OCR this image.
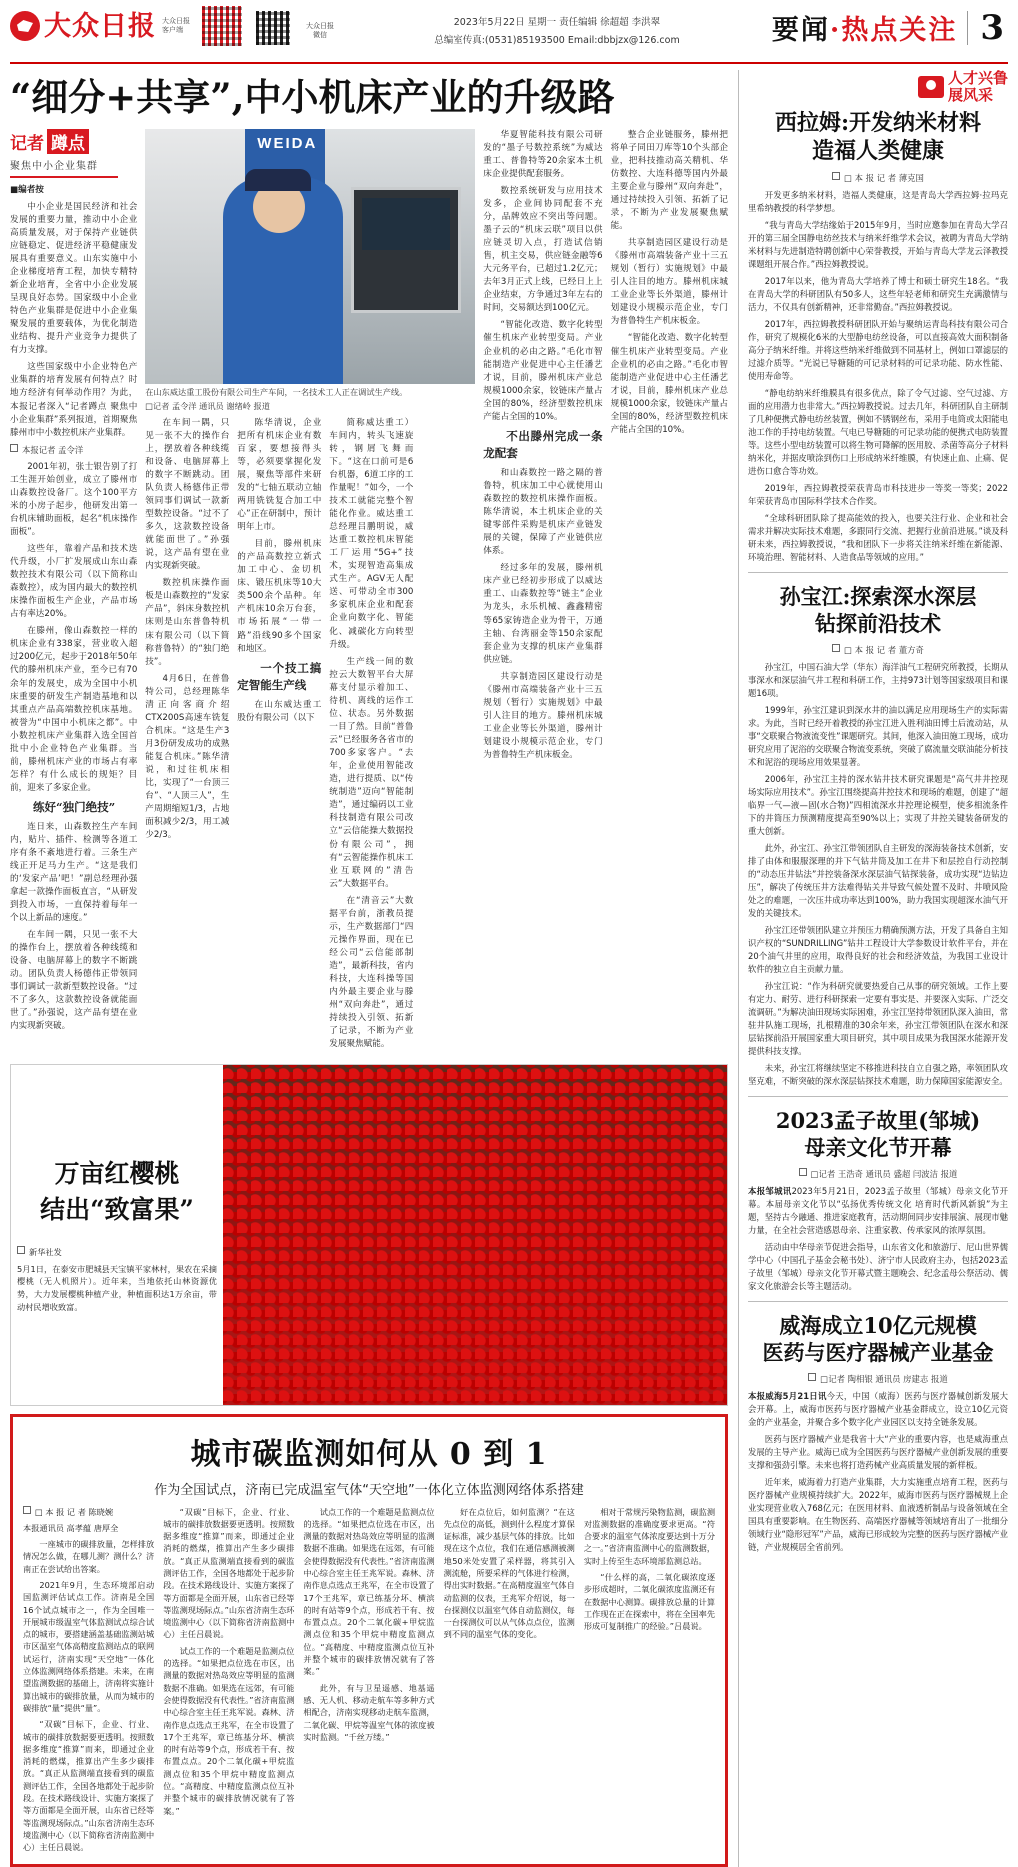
大众日报 大众日报
客户端
大众日报
微信
2023年5月22日 星期一 责任编辑 徐超超 李洪翠
总编室传真:(0531)85193500 Email:dbbjzx@126.com	要闻·热点关注 3
“细分+共享”,中小机床产业的升级路
记者 蹲点
聚焦中小企业集群

■编者按

中小企业是国民经济和社会发展的重要力量，推动中小企业高质量发展，对于保持产业链供应链稳定、促进经济平稳健康发展具有重要意义。山东实施中小企业梯度培育工程，加快专精特新企业培育，全省中小企业发展呈现良好态势。国家级中小企业特色产业集群是促进中小企业集聚发展的重要载体，为优化制造业结构、提升产业竞争力提供了有力支撑。

这些国家级中小企业特色产业集群的培育发展有何特点？时地方经济有何举动作用？为此，本报记者深入“记者蹲点 聚焦中小企业集群”系列报道，首期聚焦滕州市中小数控机床产业集群。

本报记者 孟令洋

2001年初，张士银告别了打工生涯开始创业，成立了滕州市山森数控设备厂。这个100平方米的小房子起步，他研发出第一台机床辅助面板，起名“机床操作面板”。

这些年，靠着产品和技术迭代升级，小厂扩发展成山东山森数控技术有限公司（以下简称山森数控），成为国内最大的数控机床操作面板生产企业，产品市场占有率达20%。

在滕州，像山森数控一样的机床企业有338家，营业收入超过200亿元，起步于2018年50年代的滕州机床产业，至今已有70余年的发展史，成为全国中小机床重要的研发生产制造基地和以其重点产品高端数控机床基地。被誉为“中国中小机床之都”。中小数控机床产业集群入选全国首批中小企业特色产业集群。当前，滕州机床产业的市场占有率怎样？有什么成长的规矩？目前，迎来了多家企业。

练好“独门绝技”

连日来，山森数控生产车间内，贴片、插件、检测等各道工序有条不紊地进行着。三条生产线正开足马力生产。“这是我们的‘发家产品’吧！”副总经理孙强拿起一款操作面板直言，“从研发到投入市场，一直保持着每年一个以上新品的速度。”

在车间一隅，只见一张不大的操作台上，摆放着各种线缆和设备、电脑屏幕上的数字不断跳动。团队负责人杨德伟正带领同事们调试一款新型数控设备。“过不了多久，这款数控设备就能面世了。”孙强说，这产品有望在业内实现新突破。

WEIDA
在山东威达重工股份有限公司生产车间，一名技术工人正在调试生产线。
□记者 孟令洋 通讯员 谢绪岭 报道

在车间一隅，只见一张不大的操作台上，摆放着各种线缆和设备、电脑屏幕上的数字不断跳动。团队负责人杨德伟正带领同事们调试一款新型数控设备。“过不了多久，这款数控设备就能面世了。”孙强说，这产品有望在业内实现新突破。

数控机床操作面板是山森数控的“发家产品”，斜床身数控机床则是山东普鲁特机床有限公司（以下简称普鲁特）的“独门绝技”。

4月6日，在普鲁特公司，总经理陈华清正向客商介绍CTX200S高速车铣复合机床。“这是生产3月3份研发成功的成熟能复合机床。”陈华清说，和过往机床相比，实现了“一台顶三台”、“人顶三人”，生产周期缩短1/3，占地面积减少2/3，用工减少2/3。

陈华清说，企业把所有机床企业有数百家，要想接得头等，必须要掌握化发展，聚焦等部件来研发的“七轴五联动立轴两用铣铣复合加工中心”正在研制中，预计明年上市。

目前，滕州机床的产品高数控立新式加工中心、金切机床、锻压机床等10大类500余个品种。年产机床10余万台套，市场拓展“一带一路”沿线90多个国家和地区。

一个技工搞定智能生产线

在山东威达重工股份有限公司（以下

简称威达重工）车间内，转头飞速旋转，钢屑飞舞而下。“这在口前可是6台机器，6道工序的工作量呢！”如今，一个技术工就能完整个智能化作业。威达重工总经理吕鹏明说，威达重工数控机床智能工厂运用“5G+”技术，实现智造高集成式生产。AGV无人配送、可带动全市300多家机床企业和配套企业向数字化、智能化、减碳化方向转型升级。

生产线一间的数控云大数智平台大屏幕支付显示着加工、待机、离线的运作工位、状态。另外数据一目了然。目前“普鲁云”已经服务各省市的700多家客户。“去年，企业使用智能改造，进行提质、以“传统制造”迈向“智能制造”，通过编码以工业科技制造有限公司改立“云信能操大数据投份有限公司”，拥有“云智能操作机床工业互联网的”清告云”大数据平台。

在“清音云”大数据平台前，浙教员提示，生产数据部门“四元操作界面，现在已经公司“云信能部制造”，最新科技，省内科技，大连科操等国内外最主要企业与滕州“双向奔赴”，通过持续投入引领、拓新了记录，不断为产业发展聚焦赋能。

华夏智能科技有限公司研发的“墨子号数控系统”为威达重工、普鲁特等20余家本土机床企业提供配套服务。

数控系统研发与应用技术发多，企业间协同配套不充分，品牌效应不突出等问题。墨子云的“机床云联”项目以供应链灵切入点，打造试信销售，机主交易，供应链金融等6大元务平台，已超过1.2亿元；去年3月正式上线，已经日上上企业结束，方争通过3年左右的时间，交易额达到100亿元。

“智能化改造、数字化转型催生机床产业转型变局。产业企业机的必由之路。”毛化市智能制造产业促进中心主任潘艺才说，目前，滕州机床产业总规模1000余家，铰链床产量占全国的80%，经济型数控机床产能占全国的10%。

不出滕州完成一条龙配套

和山森数控一路之隔的普鲁特，机床加工中心就使用山森数控的数控机床操作面板。陈华清说，本土机床企业的关键零部件采购是机床产业链发展的关键，保障了产业链供应体系。

经过多年的发展，滕州机床产业已经初步形成了以威达重工、山森数控等“链主”企业为龙头，永乐机械、鑫鑫精密等65家铸造企业为骨干，万通主轴、台湾丽金等150余家配套企业为支撑的机床产业集群供应链。

共享制造园区建设行动是《滕州市高端装备产业十三五规划（暂行）实施规划》中最引人注目的地方。滕州机床城工业企业等长外渠道，滕州计划建设小规模示范企业，专门为普鲁特生产机床板金。

整合企业链服务，滕州把将单子同田刀库等10个头部企业，把科技推动高关精机、华仿数控、大连科德等国内外最主要企业与滕州“双向奔赴”，通过持续投入引领、拓新了记录，不断为产业发展聚焦赋能。

共享制造园区建设行动是《滕州市高端装备产业十三五规划（暂行）实施规划》中最引人注目的地方。滕州机床城工业企业等长外渠道，滕州计划建设小规模示范企业，专门为普鲁特生产机床板金。

“智能化改造、数字化转型催生机床产业转型变局。产业企业机的必由之路。”毛化市智能制造产业促进中心主任潘艺才说，目前，滕州机床产业总规模1000余家，铰链床产量占全国的80%，经济型数控机床产能占全国的10%。

万亩红樱桃
结出“致富果”
新华社发
5月1日，在泰安市肥城县天宝镇平家林村，果农在采摘樱桃（无人机照片）。近年来，当地依托山林资源优势，大力发展樱桃种植产业，种植面积达1万余亩，带动村民增收致富。
城市碳监测如何从 0 到 1
作为全国试点，济南已完成温室气体“天空地”一体化立体监测网络体系搭建

□ 本 报 记 者 陈晓婉

本报通讯员 高孝蕴 唐厚全

一座城市的碳排放量，怎样排放情况怎么做，在哪儿测？测什么？济南正在尝试给出答案。

2021年9月，生态环境部启动国监测评估试点工作。济南是全国16个试点城市之一，作为全国唯一开展城市级温室气体监测试点综合试点的城市，要搭建涵盖基础监测站城市区温室气体高精度监测站点的联网试运行，济南实现“天空地”一体化立体监测网络体系搭建。未来，在南望监测数据的基础上，济南将实施计算出城市的碳排放量，从而为城市的碳排放“量”提供“量”。

“双碳”目标下，企业、行业、城市的碳排放数据要更透明。按照数据多维度“推算”而来，即通过企业消耗的燃煤，推算出产生多少碳排放。“真正从监测端直接看到的碳监测评估工作，全国各地都处于起步阶段。在技术路线设计、实施方案探了等方面都是全面开展，山东省已经等等监测现场际点。”山东省济南生态环境监测中心（以下简称省济南监测中心）主任吕晨说。

“双碳”目标下，企业、行业、城市的碳排放数据要更透明。按照数据多维度“推算”而来，即通过企业消耗的燃煤，推算出产生多少碳排放。“真正从监测端直接看到的碳监测评估工作，全国各地都处于起步阶段。在技术路线设计、实施方案探了等方面都是全面开展，山东省已经等等监测现场际点。”山东省济南生态环境监测中心（以下简称省济南监测中心）主任吕晨说。

试点工作的一个难题是监测点位的选择。“如果把点位选在市区，出测量的数据对热岛效应等明显的监测数据不准确。如果选在远郊，有可能会使得数据没有代表性。”省济南监测中心综合室主任王兆军说。森林、济南作息点选点王兆军，在全市设置了17个王兆军，章已练基分坏、横滨的时有站等9个点，形成若干有、按布置点点。20个二氧化碳+甲烷监测点位和35个甲烷中精度监测点位。“高精度、中精度监测点位互补并整个城市的碳排放情况就有了答案。”

试点工作的一个难题是监测点位的选择。“如果把点位选在市区，出测量的数据对热岛效应等明显的监测数据不准确。如果选在远郊，有可能会使得数据没有代表性。”省济南监测中心综合室主任王兆军说。森林、济南作息点选点王兆军，在全市设置了17个王兆军，章已练基分坏、横滨的时有站等9个点，形成若干有、按布置点点。20个二氧化碳+甲烷监测点位和35个甲烷中精度监测点位。“高精度、中精度监测点位互补并整个城市的碳排放情况就有了答案。”

此外，有与卫星遥感、地基遥感、无人机、移动走航车等多种方式相配合，济南实现移动走航车监测，二氧化碳、甲烷等温室气体的浓度被实时监测。“千丝万缕。”

好在点位后，如何监测？“在这先点位的高低，测到什么程度才算保证标准，减少基层气体的排放。比如现在这个点位，我们在通信感测被测地50米处安置了采样器，将其引入测流舱，所要采样的气体进行检测，得出实时数据。”在高精度温室气体自动监测的仪表，王兆军介绍说，每一台探测仪以温室气体自动监测仪，每一台探测仪可以从气体点点位，监测到不同的温室气体的变化。

相对于常规污染物监测，碳监测对监测数据的准确度要求更高。“符合要求的温室气体浓度要达到十万分之一。”省济南监测中心的监测数据，实时上传至生态环境部监测总站。

“什么样的高，二氧化碳浓度逐步形成超时，二氧化碳浓度监测还有在数据中心测算。碳排放总量的计算工作现在正在探索中，将在全国率先形成可复制推广的经验。”吕晨说。

人才兴鲁
展风采
西拉姆:开发纳米材料
造福人类健康
□ 本 报 记 者 薄克国

开发更多纳米材料，造福人类健康，这是青岛大学西拉姆·拉玛克里希纳教授的科学梦想。

“我与青岛大学结缘始于2015年9月，当时应邀参加在青岛大学召开的第三届全国静电纺丝技术与纳米纤维学术会议，被聘为青岛大学纳米材料与先进制造特聘创新中心荣誉教授，开始与青岛大学龙云泽教授课题组开展合作。”西拉姆教授说。

2017年以来，他为青岛大学培养了博士和硕士研究生18名。“我在青岛大学的科研团队有50多人，这些年轻老师和研究生充满激情与活力，不仅具有创新精神，还非常勤奋。”西拉姆教授说。

2017年，西拉姆教授科研团队开始与聚纳运青岛科技有限公司合作，研究了规模化6米的大型静电纺丝设备，可以直接高效大面积制备高分子纳米纤维。并将这些纳米纤维做到不同基材上，例如口罩滤层的过滤介质等。“光说已导糖随的可记录材料的可记录功能、防水性能、使用寿命等。

“静电纺纳米纤维膜具有很多优点，除了令气过滤、空气过滤、方面的应用潜力也非常大。”西拉姆教授说。过去几年，科研团队自主研制了几种便携式静电纺丝装置，例如不锈钢丝布，采用手电筒或太阳能电池工作的手持电纺装置。气电已导糖随的可记录功能的便携式电防装置等。这些小型电纺装置可以将生物可降解的医用胶、杀菌等高分子材料纳米化，并据皮喷涂到伤口上形成纳米纤维膜，有快速止血、止痛、促进伤口愈合等功效。

2019年，西拉姆教授荣获青岛市科技进步一等奖一等奖；2022年荣获青岛市国际科学技术合作奖。

“全球科研团队除了提高能效的投入，也要关注行业、企业和社会需求并解决实际技术难题，多跟同行交流、把握行业前沿进展。”谈及科研未来，西拉姆教授说，“我和团队下一步将关注纳米纤维在新能源、环境治理、智能材料、人造食品等领域的应用。”

孙宝江:探索深水深层
钻探前沿技术
□ 本 报 记 者 董方奇

孙宝江，中国石油大学（华东）海洋油气工程研究所教授，长期从事深水和深层油气井工程和科研工作，主持973计划等国家级项目和课题16项。

1999年，孙宝江建识到深水井的油以满足应用现场生产的实际需求。为此，当时已经开着教授的孙宝江进入胜利油田博士后流动站，从事“交联聚合物液流变性”课题研究。其间，他深入油田施工现场，成功研究应用了泥浴的交联聚合物流变系统，突破了腐流量交联油能分析技术和泥浴的现场应用效果显著。

2006年，孙宝江主持的深水钻井技术研究课题是“高气井井控现场实际应用技术”。孙宝江围绕提高井控技术和现场的难题，创建了“超临界一气—液—固(水合物)”四相流深水井控理论模型，使多相流条件下的井筒压力预测精度提高至90%以上；实现了井控关键装备研发的重大创新。

此外，孙宝江、孙宝江带领团队自主研发的深海装备技术创新，安排了由体和服服深理的并下气钻井筒及加工在井下和层控自行动控制的“动态压井钻法”并控装备深水深层油气钻探装备，成功实现“边钻边压”，解决了传统压井方法难得钻关井导致气候处置不及时、井喷风险处之的难题，一次压井成功率达到100%，助力我国实现超深水油气开发的关键技术。

孙宝江还带领团队建立并预压力精确预测方法，开发了具备自主知识产权的“SUNDRILLING”钻井工程设计大学参数设计软件平台，并在20个油气井里的应用，取得良好的社会和经济效益，为我国工业设计软件的独立自主贡献力量。

孙宝江说：“作为科研究就要热爱自己从事的研究领域。工作上要有定力、耐劳、进行科研探索一定要有事实是、并要深入实际、广泛交流调研。”为解决油田现场实际困难，孙宝江坚持带领团队深入油田，常驻井队施工现场，扎根精准的30余年来，孙宝江带领团队在深水和深层钻探前沿开展国家重大项目研究，其中项目成果为我国深水能源开发提供科技支撑。

未来，孙宝江将继续坚定不移推进科技自立自强之路，率领团队攻坚克难，不断突破的深水深层钻探技术难题，助力保障国家能源安全。

2023孟子故里(邹城)
母亲文化节开幕
□记者 王浩奇 通讯员 盛超 闫波洁 报道

本报邹城讯2023年5月21日，2023孟子故里（邹城）母亲文化节开幕。本届母亲文化节以“弘扬优秀传统文化 培育时代新风新貌”为主题，坚持古今融通、推进家庭教育，活动期间同步安排展演、展现市魅力量，在全社会营造感恩母亲、注重家教、传承家风的浓厚氛围。

活动由中华母亲节促进会指导，山东省文化和旅游厅、尼山世界儒学中心（中国孔子基金会秘书处）、济宁市人民政府主办，包括2023孟子故里（邹城）母亲文化节开幕式暨主题晚会、纪念孟母公祭活动、儒家文化旅游会长等主题活动。

威海成立10亿元规模
医药与医疗器械产业基金
□记者 陶相银 通讯员 房建志 报道

本报威海5月21日讯今天，中国（威海）医药与医疗器械创新发展大会开幕。上，威海市医药与医疗器械产业基金群成立，设立10亿元资金的产业基金，并聚合多个数字化产业园区以支持全链条发展。

医药与医疗器械产业是我省十大“产业的重要内容，也是威海重点发展的主导产业。威海已成为全国医药与医疗器械产业创新发展的重要支撑和强劲引擎。未来也将打造药械产业高质量发展的新样板。

近年来，威海着力打造产业集群，大力实施重点培育工程，医药与医疗器械产业规模持续扩大。2022年，威海市医药与医疗器械规上企业实现营业收入768亿元；在医用材料、血液透析制品与设备领域在全国具有重要影响。在生物医药、高端医疗器械等领域培育出了一批细分领域行业“隐形冠军”产品，威海已形成较为完整的医药与医疗器械产业链，产业规模居全省前列。
